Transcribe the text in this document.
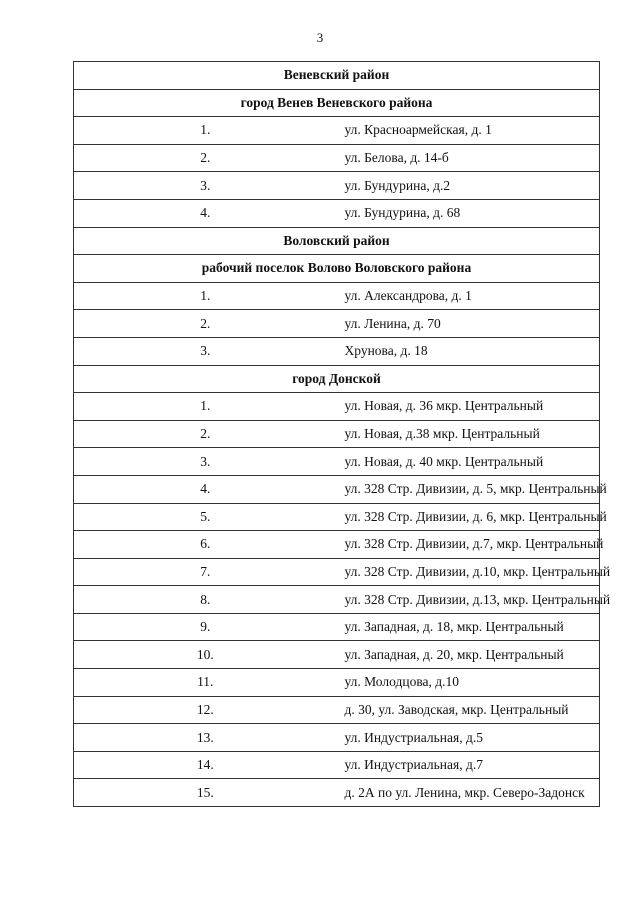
3
Веневский район	
город Венев Веневского района	
1.	ул. Красноармейская, д. 1
2.	ул. Белова, д. 14-б
3.	ул. Бундурина, д.2
4.	ул. Бундурина, д. 68
Воловский район	
рабочий поселок Волово Воловского района	
1.	ул. Александрова, д. 1
2.	ул. Ленина, д. 70
3.	Хрунова, д. 18
город Донской	
1.	ул. Новая, д. 36 мкр. Центральный
2.	ул. Новая, д.38 мкр. Центральный
3.	ул. Новая, д. 40 мкр. Центральный
4.	ул. 328 Стр. Дивизии, д. 5, мкр. Центральный
5.	ул. 328 Стр. Дивизии, д. 6, мкр. Центральный
6.	ул. 328 Стр. Дивизии, д.7, мкр. Центральный
7.	ул. 328 Стр. Дивизии, д.10, мкр. Центральный
8.	ул. 328 Стр. Дивизии, д.13, мкр. Центральный
9.	ул. Западная, д. 18, мкр. Центральный
10.	ул. Западная, д. 20, мкр. Центральный
11.	ул. Молодцова, д.10
12.	д. 30, ул. Заводская, мкр. Центральный
13.	ул. Индустриальная, д.5
14.	ул. Индустриальная, д.7
15.	д. 2А по ул. Ленина, мкр. Северо-Задонск
